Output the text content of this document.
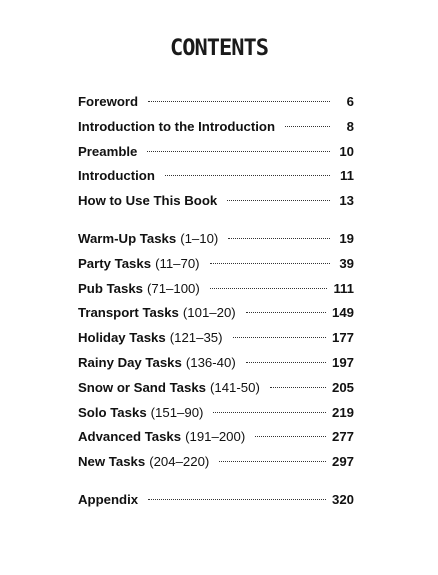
CONTENTS
Foreword	6
Introduction to the Introduction	8
Preamble	10
Introduction	11
How to Use This Book	13
Warm-Up Tasks (1–10)	19
Party Tasks (11–70)	39
Pub Tasks (71–100)	111
Transport Tasks (101–20)	149
Holiday Tasks (121–35)	177
Rainy Day Tasks (136-40)	197
Snow or Sand Tasks (141-50)	205
Solo Tasks (151–90)	219
Advanced Tasks (191–200)	277
New Tasks (204–220)	297
Appendix	320
